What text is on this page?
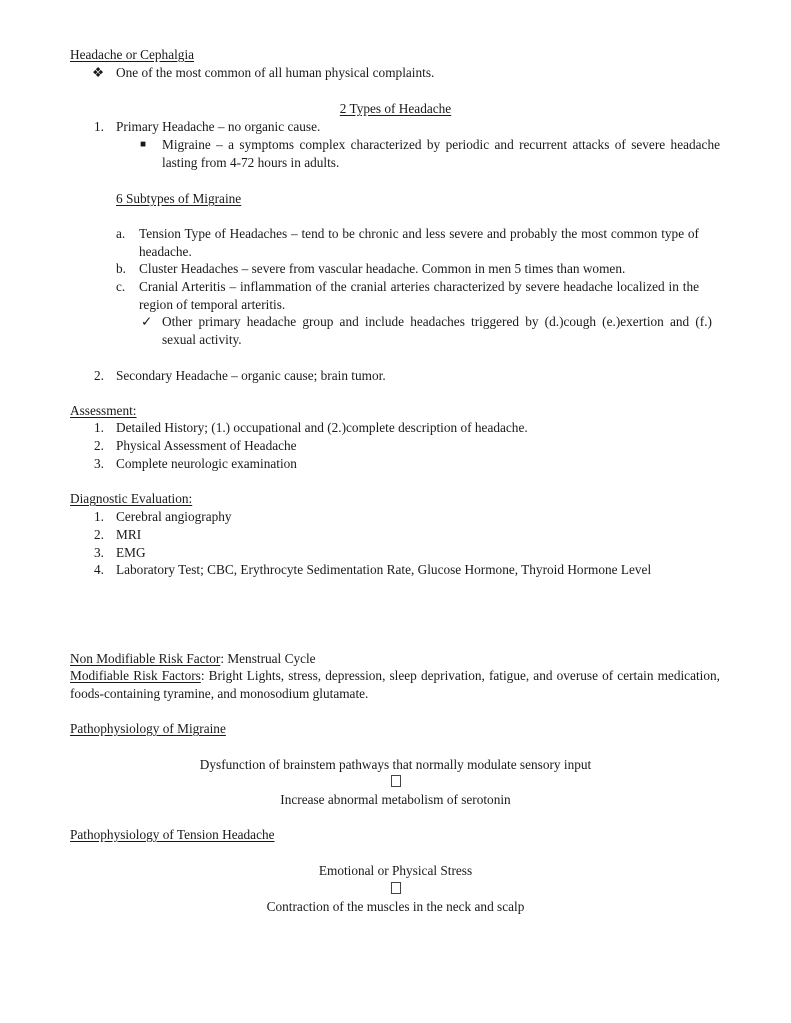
Headache or Cephalgia
❖ One of the most common of all human physical complaints.
2 Types of Headache
1. Primary Headache – no organic cause.
■ Migraine – a symptoms complex characterized by periodic and recurrent attacks of severe headache lasting from 4-72 hours in adults.
6 Subtypes of Migraine
a. Tension Type of Headaches – tend to be chronic and less severe and probably the most common type of headache.
b. Cluster Headaches – severe from vascular headache. Common in men 5 times than women.
c. Cranial Arteritis – inflammation of the cranial arteries characterized by severe headache localized in the region of temporal arteritis.
✓ Other primary headache group and include headaches triggered by (d.)cough (e.)exertion and (f.) sexual activity.
2. Secondary Headache – organic cause; brain tumor.
Assessment:
1. Detailed History; (1.) occupational and (2.)complete description of headache.
2. Physical Assessment of Headache
3. Complete neurologic examination
Diagnostic Evaluation:
1. Cerebral angiography
2. MRI
3. EMG
4. Laboratory Test; CBC, Erythrocyte Sedimentation Rate, Glucose Hormone, Thyroid Hormone Level
Non Modifiable Risk Factor: Menstrual Cycle
Modifiable Risk Factors: Bright Lights, stress, depression, sleep deprivation, fatigue, and overuse of certain medication, foods-containing tyramine, and monosodium glutamate.
Pathophysiology of Migraine
Dysfunction of brainstem pathways that normally modulate sensory input
Increase abnormal metabolism of serotonin
Pathophysiology of Tension Headache
Emotional or Physical Stress
Contraction of the muscles in the neck and scalp
